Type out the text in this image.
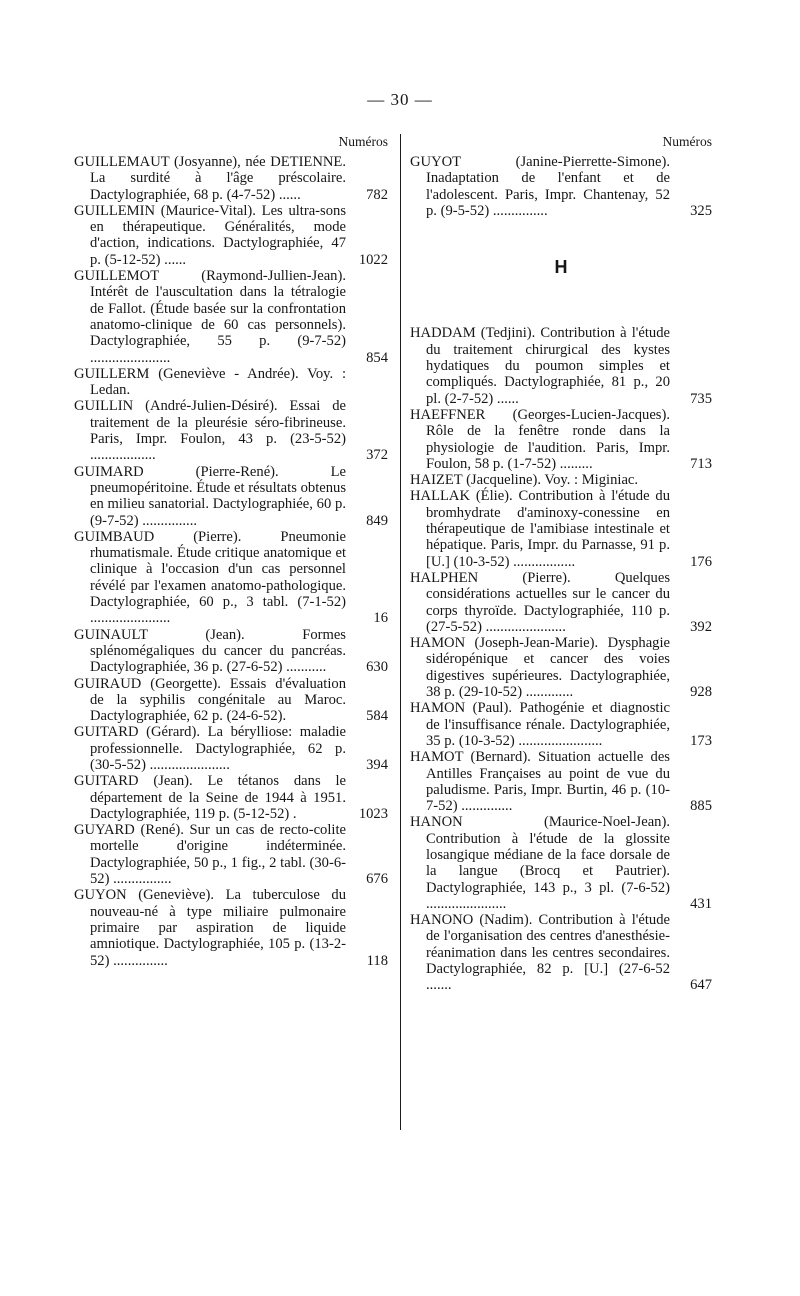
— 30 —
Numéros
GUILLEMAUT (Josyanne), née DETIENNE. La surdité à l'âge préscolaire. Dactylographiée, 68 p. (4-7-52) ......	782
GUILLEMIN (Maurice-Vital). Les ultra-sons en thérapeutique. Généralités, mode d'action, indications. Dactylographiée, 47 p. (5-12-52) ......	1022
GUILLEMOT (Raymond-Jullien-Jean). Intérêt de l'auscultation dans la tétralogie de Fallot. (Étude basée sur la confrontation anatomo-clinique de 60 cas personnels). Dactylographiée, 55 p. (9-7-52) ......................	854
GUILLERM (Geneviève - Andrée). Voy. : Ledan.
GUILLIN (André-Julien-Désiré). Essai de traitement de la pleurésie séro-fibrineuse. Paris, Impr. Foulon, 43 p. (23-5-52) ..................	372
GUIMARD (Pierre-René). Le pneumopéritoine. Étude et résultats obtenus en milieu sanatorial. Dactylographiée, 60 p. (9-7-52) ...............	849
GUIMBAUD (Pierre). Pneumonie rhumatismale. Étude critique anatomique et clinique à l'occasion d'un cas personnel révélé par l'examen anatomo-pathologique. Dactylographiée, 60 p., 3 tabl. (7-1-52) ......................	16
GUINAULT (Jean). Formes splénomégaliques du cancer du pancréas. Dactylographiée, 36 p. (27-6-52) ...........	630
GUIRAUD (Georgette). Essais d'évaluation de la syphilis congénitale au Maroc. Dactylographiée, 62 p. (24-6-52).	584
GUITARD (Gérard). La bérylliose: maladie professionnelle. Dactylographiée, 62 p. (30-5-52) ......................	394
GUITARD (Jean). Le tétanos dans le département de la Seine de 1944 à 1951. Dactylographiée, 119 p. (5-12-52) .	1023
GUYARD (René). Sur un cas de recto-colite mortelle d'origine indéterminée. Dactylographiée, 50 p., 1 fig., 2 tabl. (30-6-52) ................	676
GUYON (Geneviève). La tuberculose du nouveau-né à type miliaire pulmonaire primaire par aspiration de liquide amniotique. Dactylographiée, 105 p. (13-2-52) ...............	118
Numéros
GUYOT (Janine-Pierrette-Simone). Inadaptation de l'enfant et de l'adolescent. Paris, Impr. Chantenay, 52 p. (9-5-52) ...............	325
H
HADDAM (Tedjini). Contribution à l'étude du traitement chirurgical des kystes hydatiques du poumon simples et compliqués. Dactylographiée, 81 p., 20 pl. (2-7-52) ......	735
HAEFFNER (Georges-Lucien-Jacques). Rôle de la fenêtre ronde dans la physiologie de l'audition. Paris, Impr. Foulon, 58 p. (1-7-52) .........	713
HAIZET (Jacqueline). Voy. : Miginiac.
HALLAK (Élie). Contribution à l'étude du bromhydrate d'aminoxy-conessine en thérapeutique de l'amibiase intestinale et hépatique. Paris, Impr. du Parnasse, 91 p. [U.] (10-3-52) .................	176
HALPHEN (Pierre). Quelques considérations actuelles sur le cancer du corps thyroïde. Dactylographiée, 110 p. (27-5-52) ......................	392
HAMON (Joseph-Jean-Marie). Dysphagie sidéropénique et cancer des voies digestives supérieures. Dactylographiée, 38 p. (29-10-52) .............	928
HAMON (Paul). Pathogénie et diagnostic de l'insuffisance rénale. Dactylographiée, 35 p. (10-3-52) .......................	173
HAMOT (Bernard). Situation actuelle des Antilles Françaises au point de vue du paludisme. Paris, Impr. Burtin, 46 p. (10-7-52) ..............	885
HANON (Maurice-Noel-Jean). Contribution à l'étude de la glossite losangique médiane de la face dorsale de la langue (Brocq et Pautrier). Dactylographiée, 143 p., 3 pl. (7-6-52) ......................	431
HANONO (Nadim). Contribution à l'étude de l'organisation des centres d'anesthésie-réanimation dans les centres secondaires. Dactylographiée, 82 p. [U.] (27-6-52 .......	647
